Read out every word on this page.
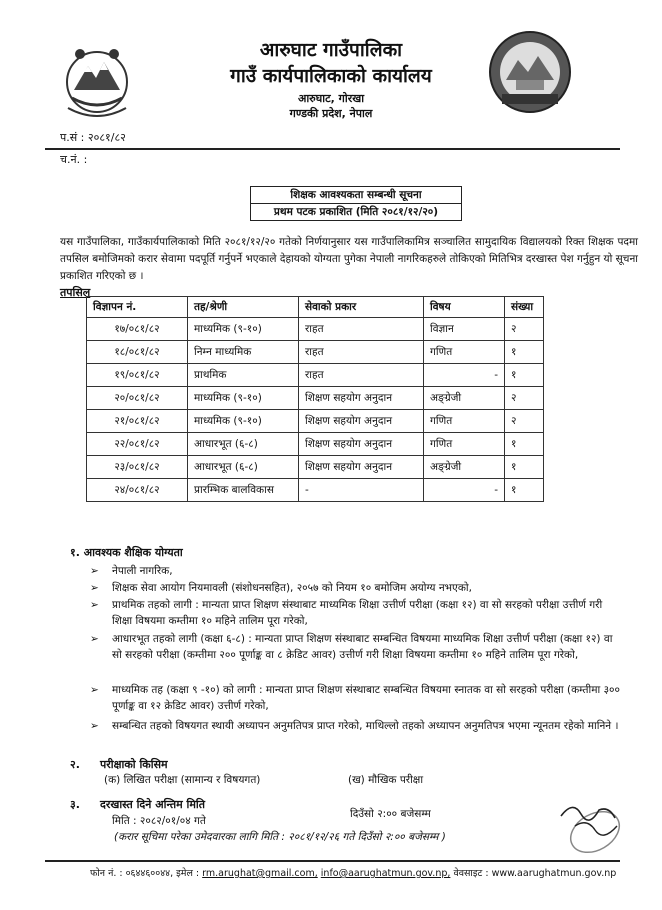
आरुघाट गाउँपालिका
गाउँ कार्यपालिकाको कार्यालय
आरुघाट, गोरखा
गण्डकी प्रदेश, नेपाल
प.सं : २०८१/८२
च.नं. :
शिक्षक आवश्यकता सम्बन्धी सूचना
प्रथम पटक प्रकाशित (मिति २०८१/१२/२०)
यस गाउँपालिका, गाउँकार्यपालिकाको मिति २०८१/१२/२० गतेको निर्णयानुसार यस गाउँपालिकामित्र सञ्चालित सामुदायिक विद्यालयको रिक्त शिक्षक पदमा तपसिल बमोजिमको करार सेवामा पदपूर्ति गर्नुपर्ने भएकाले देहायको योग्यता पुगेका नेपाली नागरिकहरुले तोकिएको मितिभित्र दरखास्त पेश गर्नुहुन यो सूचना प्रकाशित गरिएको छ ।
तपसिल
विज्ञापन नं.	तह/श्रेणी	सेवाको प्रकार	विषय	संख्या
१७/०८१/८२	माध्यमिक (९-१०)	राहत	विज्ञान	२
१८/०८१/८२	निम्न माध्यमिक	राहत	गणित	१
१९/०८१/८२	प्राथमिक	राहत	-	१
२०/०८१/८२	माध्यमिक (९-१०)	शिक्षण सहयोग अनुदान	अङ्ग्रेजी	२
२१/०८१/८२	माध्यमिक (९-१०)	शिक्षण सहयोग अनुदान	गणित	२
२२/०८१/८२	आधारभूत (६-८)	शिक्षण सहयोग अनुदान	गणित	१
२३/०८१/८२	आधारभूत (६-८)	शिक्षण सहयोग अनुदान	अङ्ग्रेजी	१
२४/०८१/८२	प्रारम्भिक बालविकास	-	-	१
१. आवश्यक शैक्षिक योग्यता
➢ नेपाली नागरिक,
➢ शिक्षक सेवा आयोग नियमावली (संशोधनसहित), २०५७ को नियम १० बमोजिम अयोग्य नभएको,
➢ प्राथमिक तहको लागी : मान्यता प्राप्त शिक्षण संस्थाबाट माध्यमिक शिक्षा उत्तीर्ण परीक्षा (कक्षा १२) वा सो सरहको परीक्षा उत्तीर्ण गरी शिक्षा विषयमा कम्तीमा १० महिने तालिम पूरा गरेको,
➢ आधारभूत तहको लागी (कक्षा ६-८) : मान्यता प्राप्त शिक्षण संस्थाबाट सम्बन्धित विषयमा माध्यमिक शिक्षा उत्तीर्ण परीक्षा (कक्षा १२) वा सो सरहको परीक्षा (कम्तीमा २०० पूर्णाङ्क वा ८ क्रेडिट आवर) उत्तीर्ण गरी शिक्षा विषयमा कम्तीमा १० महिने तालिम पूरा गरेको,
➢ माध्यमिक तह (कक्षा ९ -१०) को लागी : मान्यता प्राप्त शिक्षण संस्थाबाट सम्बन्धित विषयमा स्नातक वा सो सरहको परीक्षा (कम्तीमा ३०० पूर्णाङ्क वा १२ क्रेडिट आवर) उत्तीर्ण गरेको,
➢ सम्बन्धित तहको विषयगत स्थायी अध्यापन अनुमतिपत्र प्राप्त गरेको, माथिल्लो तहको अध्यापन अनुमतिपत्र भएमा न्यूनतम रहेको मानिने ।
२. परीक्षाको किसिम
(क) लिखित परीक्षा (सामान्य र विषयगत)	(ख) मौखिक परीक्षा
३. दरखास्त दिने अन्तिम मिति
मिति : २०८२/०१/०४ गते
दिउँसो २:०० बजेसम्म
(करार सूचिमा परेका उमेदवारका लागि मिति : २०८१/१२/२६ गते दिउँसो २:०० बजेसम्म )
फोन नं. : ०६४४६००४४, इमेल : rm.arughat@gmail.com, info@aarughatmun.gov.np, वेवसाइट : www.aarughatmun.gov.np
